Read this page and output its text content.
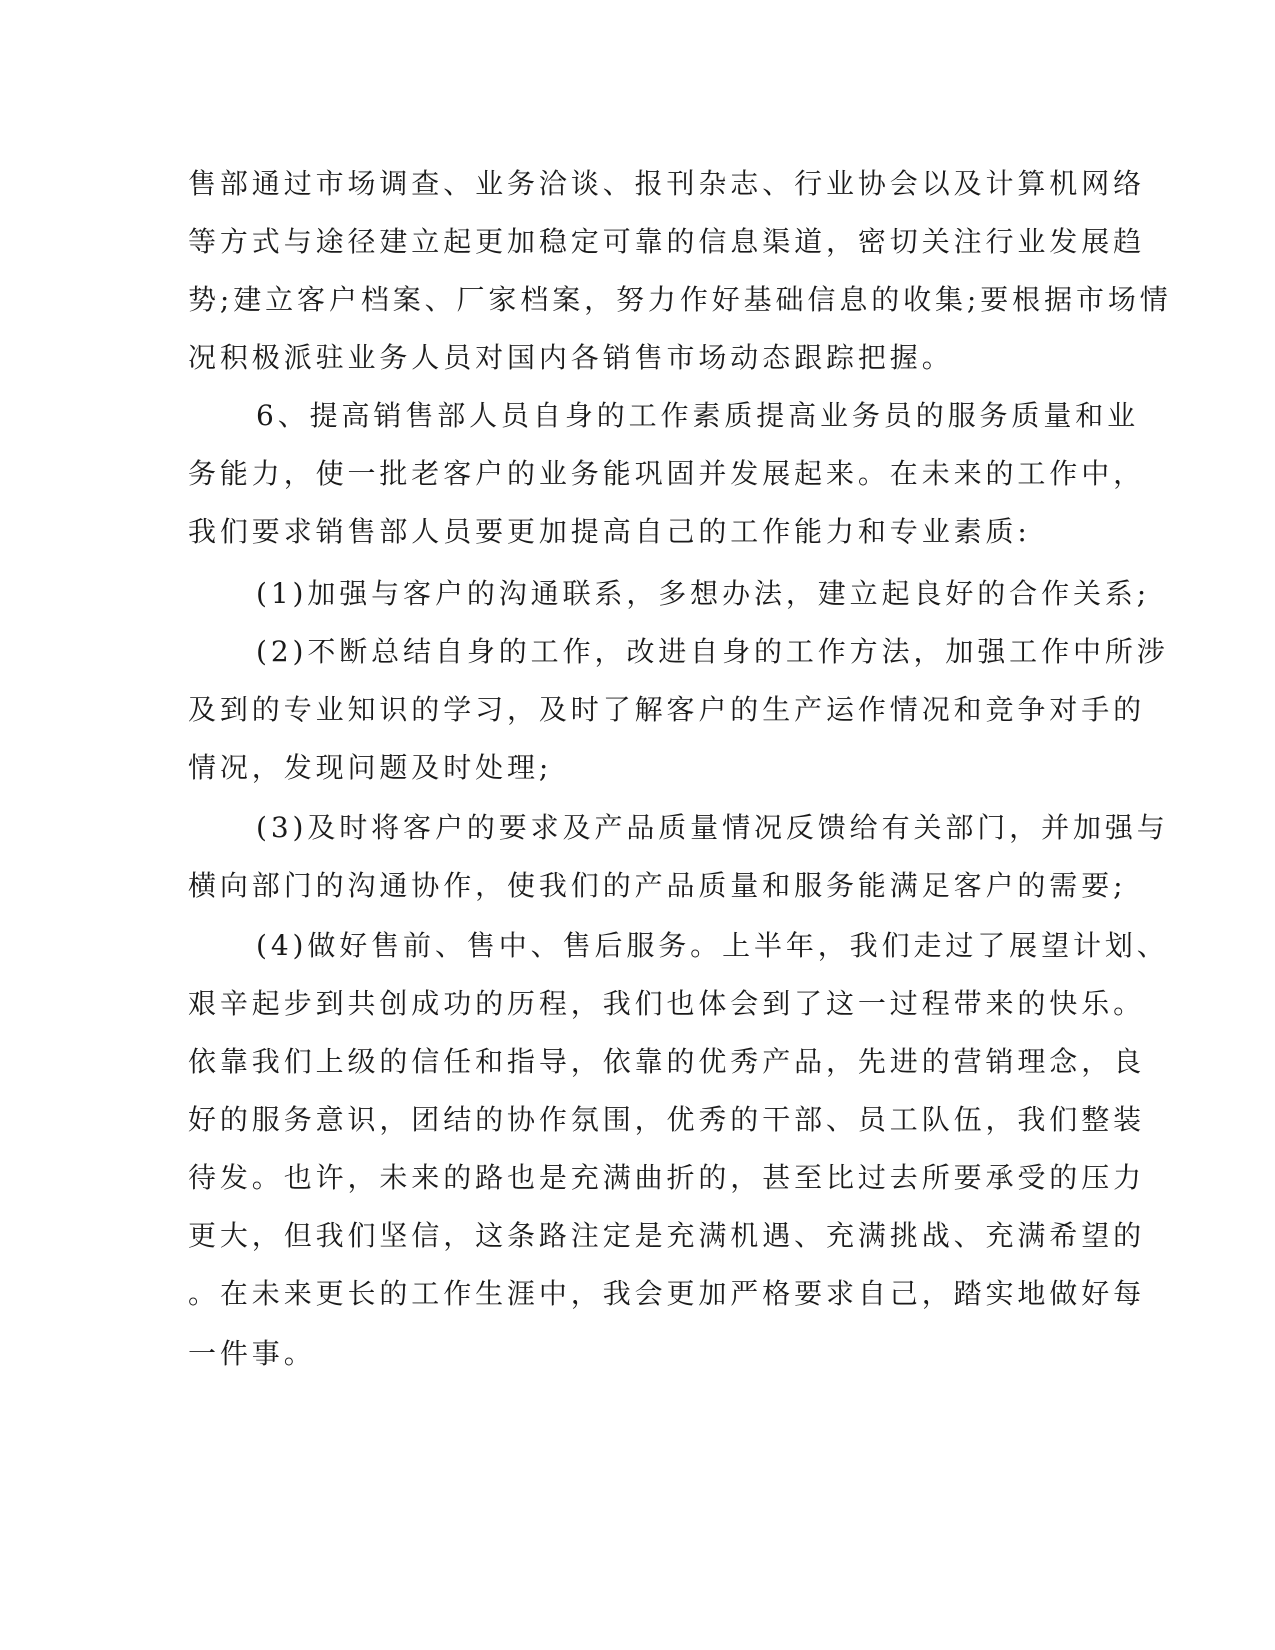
售部通过市场调查、业务洽谈、报刊杂志、行业协会以及计算机网络
等方式与途径建立起更加稳定可靠的信息渠道，密切关注行业发展趋
势;建立客户档案、厂家档案，努力作好基础信息的收集;要根据市场情
况积极派驻业务人员对国内各销售市场动态跟踪把握。
6、提高销售部人员自身的工作素质提高业务员的服务质量和业
务能力，使一批老客户的业务能巩固并发展起来。在未来的工作中，
我们要求销售部人员要更加提高自己的工作能力和专业素质:
(1)加强与客户的沟通联系，多想办法，建立起良好的合作关系;
(2)不断总结自身的工作，改进自身的工作方法，加强工作中所涉
及到的专业知识的学习，及时了解客户的生产运作情况和竞争对手的
情况，发现问题及时处理;
(3)及时将客户的要求及产品质量情况反馈给有关部门，并加强与
横向部门的沟通协作，使我们的产品质量和服务能满足客户的需要;
(4)做好售前、售中、售后服务。上半年，我们走过了展望计划、
艰辛起步到共创成功的历程，我们也体会到了这一过程带来的快乐。
依靠我们上级的信任和指导，依靠的优秀产品，先进的营销理念，良
好的服务意识，团结的协作氛围，优秀的干部、员工队伍，我们整装
待发。也许，未来的路也是充满曲折的，甚至比过去所要承受的压力
更大，但我们坚信，这条路注定是充满机遇、充满挑战、充满希望的
。在未来更长的工作生涯中，我会更加严格要求自己，踏实地做好每
一件事。
